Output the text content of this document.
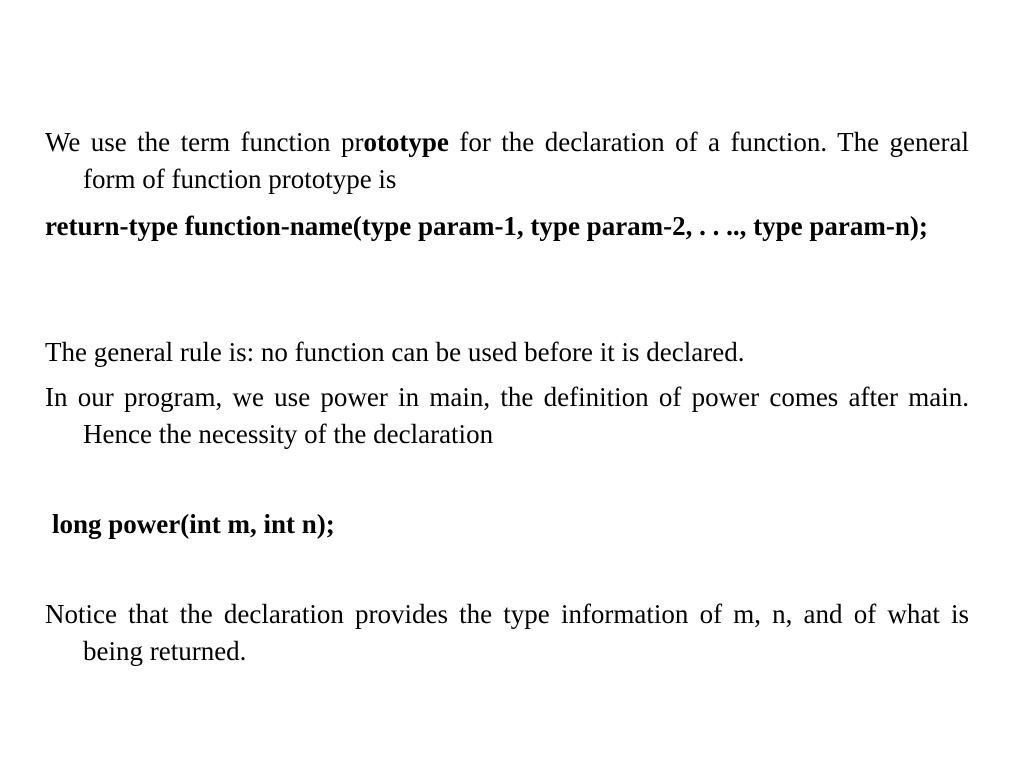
We use the term function prototype for the declaration of a function. The general form of function prototype is
return-type function-name(type param-1, type param-2, . . .., type param-n);
The general rule is: no function can be used before it is declared.
In our program, we use power in main, the definition of power comes after main. Hence the necessity of the declaration
long power(int m, int n);
Notice that the declaration provides the type information of m, n, and of what is being returned.
